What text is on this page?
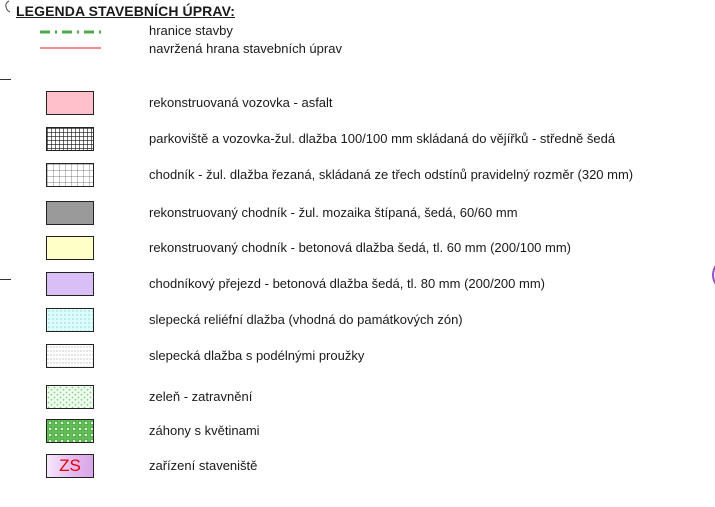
LEGENDA STAVEBNÍCH ÚPRAV:
hranice stavby
navržená hrana stavebních úprav
rekonstruovaná vozovka - asfalt
parkoviště a vozovka-žul. dlažba 100/100 mm skládaná do vějířků - středně šedá
chodník - žul. dlažba řezaná, skládaná ze třech odstínů pravidelný rozměr (320 mm)
rekonstruovaný chodník - žul. mozaika štípaná, šedá, 60/60 mm
rekonstruovaný chodník - betonová dlažba šedá, tl. 60 mm (200/100 mm)
chodníkový přejezd - betonová dlažba šedá, tl. 80 mm (200/200 mm)
slepecká reliéfní dlažba (vhodná do památkových zón)
slepecká dlažba s podélnými proužky
zeleň - zatravnění
záhony s květinami
ZS	zařízení staveniště
